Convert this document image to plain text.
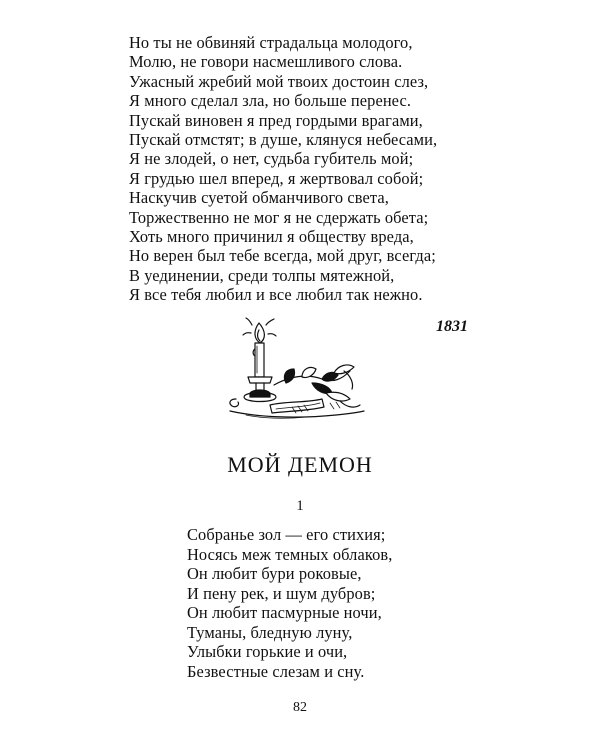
Но ты не обвиняй страдальца молодого,
Молю, не говори насмешливого слова.
Ужасный жребий мой твоих достоин слез,
Я много сделал зла, но больше перенес.
Пускай виновен я пред гордыми врагами,
Пускай отмстят; в душе, клянуся небесами,
Я не злодей, о нет, судьба губитель мой;
Я грудью шел вперед, я жертвовал собой;
Наскучив суетой обманчивого света,
Торжественно не мог я не сдержать обета;
Хоть много причинил я обществу вреда,
Но верен был тебе всегда, мой друг, всегда;
В уединении, среди толпы мятежной,
Я все тебя любил и все любил так нежно.
1831
МОЙ ДЕМОН
1
Собранье зол — его стихия;
Носясь меж темных облаков,
Он любит бури роковые,
И пену рек, и шум дубров;
Он любит пасмурные ночи,
Туманы, бледную луну,
Улыбки горькие и очи,
Безвестные слезам и сну.
82
